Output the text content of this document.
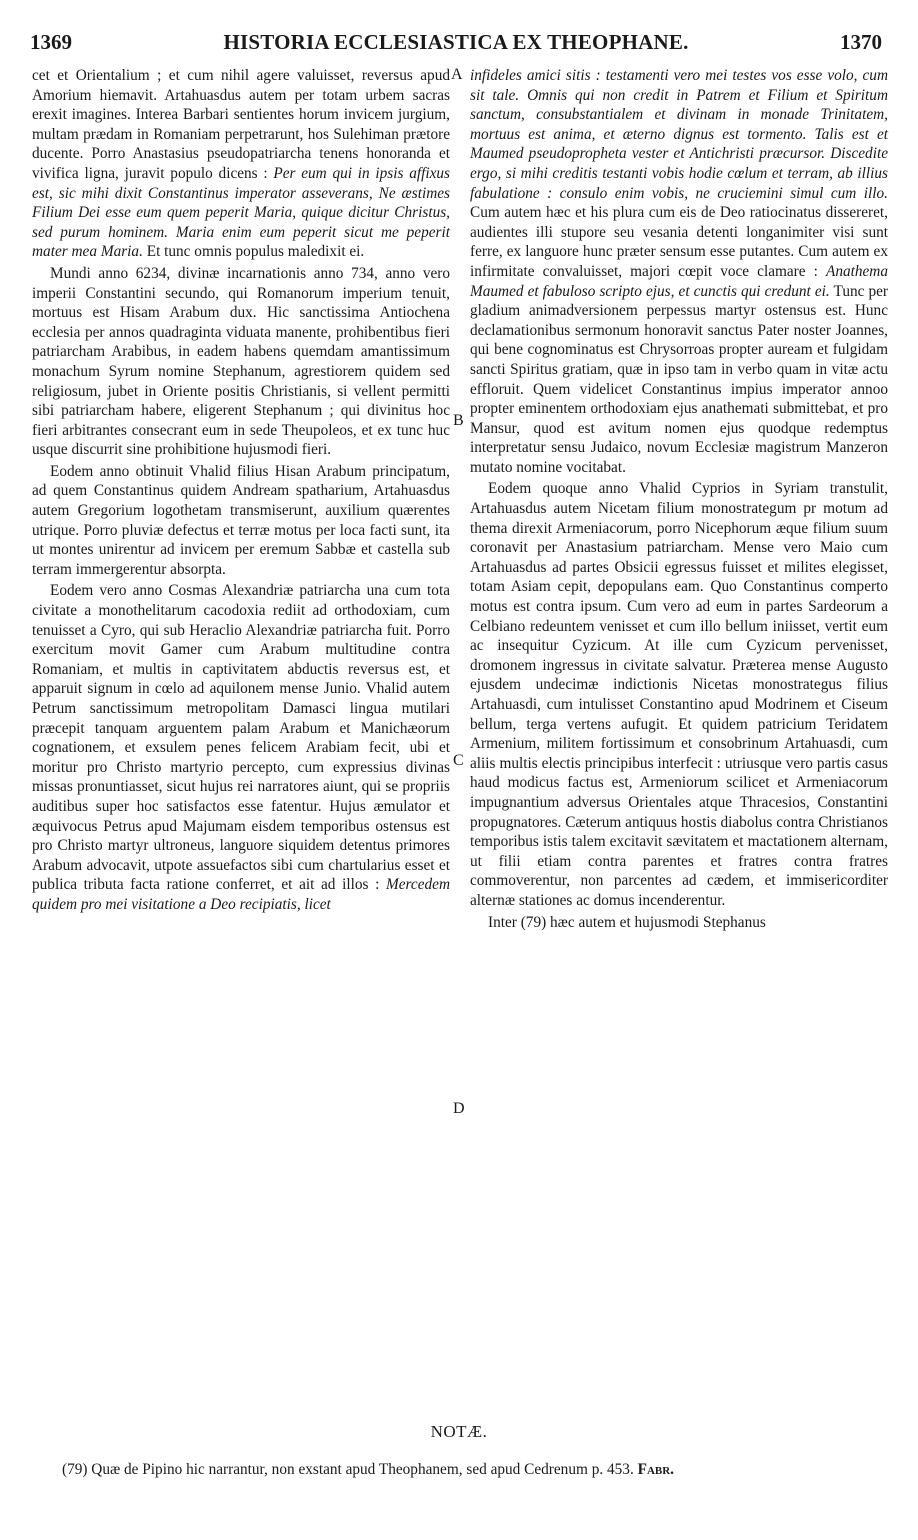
1369	HISTORIA ECCLESIASTICA EX THEOPHANE.	1370

cet et Orientalium ; et cum nihil agere valuisset, reversus apud Amorium hiemavit. Artahuasdus autem per totam urbem sacras erexit imagines. Interea Barbari sentientes horum invicem jurgium, multam prædam in Romaniam perpetrarunt, hos Sulehiman prætore ducente. Porro Anastasius pseudopatriarcha tenens honoranda et vivifica ligna, juravit populo dicens : Per eum qui in ipsis affixus est, sic mihi dixit Constantinus imperator asseverans, Ne æstimes Filium Dei esse eum quem peperit Maria, quique dicitur Christus, sed purum hominem. Maria enim eum peperit sicut me peperit mater mea Maria. Et tunc omnis populus maledixit ei.

Mundi anno 6234, divinæ incarnationis anno 734, anno vero imperii Constantini secundo, qui Romanorum imperium tenuit, mortuus est Hisam Arabum dux. Hic sanctissima Antiochena ecclesia per annos quadraginta viduata manente, prohibentibus fieri patriarcham Arabibus, in eadem habens quemdam amantissimum monachum Syrum nomine Stephanum, agrestiorem quidem sed religiosum, jubet in Oriente positis Christianis, si vellent permitti sibi patriarcham habere, eligerent Stephanum ; qui divinitus hoc fieri arbitrantes consecrant eum in sede Theupoleos, et ex tunc huc usque discurrit sine prohibitione hujusmodi fieri.

Eodem anno obtinuit Vhalid filius Hisan Arabum principatum, ad quem Constantinus quidem Andream spatharium, Artahuasdus autem Gregorium logothetam transmiserunt, auxilium quærentes utrique. Porro pluviæ defectus et terræ motus per loca facti sunt, ita ut montes unirentur ad invicem per eremum Sabbæ et castella sub terram immergerentur absorpta.

Eodem vero anno Cosmas Alexandriæ patriarcha una cum tota civitate a monothelitarum cacodoxia rediit ad orthodoxiam, cum tenuisset a Cyro, qui sub Heraclio Alexandriæ patriarcha fuit. Porro exercitum movit Gamer cum Arabum multitudine contra Romaniam, et multis in captivitatem abductis reversus est, et apparuit signum in cœlo ad aquilonem mense Junio. Vhalid autem Petrum sanctissimum metropolitam Damasci lingua mutilari præcepit tanquam arguentem palam Arabum et Manichæorum cognationem, et exsulem penes felicem Arabiam fecit, ubi et moritur pro Christo martyrio percepto, cum expressius divinas missas pronuntiasset, sicut hujus rei narratores aiunt, qui se propriis auditibus super hoc satisfactos esse fatentur. Hujus æmulator et æquivocus Petrus apud Majumam eisdem temporibus ostensus est pro Christo martyr ultroneus, languore siquidem detentus primores Arabum advocavit, utpote assuefactos sibi cum chartularius esset et publica tributa facta ratione conferret, et ait ad illos : Mercedem quidem pro mei visitatione a Deo recipiatis, licet

A
B
C
D

infideles amici sitis : testamenti vero mei testes vos esse volo, cum sit tale. Omnis qui non credit in Patrem et Filium et Spiritum sanctum, consubstantialem et divinam in monade Trinitatem, mortuus est anima, et æterno dignus est tormento. Talis est et Maumed pseudopropheta vester et Antichristi præcursor. Discedite ergo, si mihi creditis testanti vobis hodie cœlum et terram, ab illius fabulatione : consulo enim vobis, ne cruciemini simul cum illo. Cum autem hæc et his plura cum eis de Deo ratiocinatus dissereret, audientes illi stupore seu vesania detenti longanimiter visi sunt ferre, ex languore hunc præter sensum esse putantes. Cum autem ex infirmitate convaluisset, majori cœpit voce clamare : Anathema Maumed et fabuloso scripto ejus, et cunctis qui credunt ei. Tunc per gladium animadversionem perpessus martyr ostensus est. Hunc declamationibus sermonum honoravit sanctus Pater noster Joannes, qui bene cognominatus est Chrysorroas propter auream et fulgidam sancti Spiritus gratiam, quæ in ipso tam in verbo quam in vitæ actu effloruit. Quem videlicet Constantinus impius imperator annoo propter eminentem orthodoxiam ejus anathemati submittebat, et pro Mansur, quod est avitum nomen ejus quodque redemptus interpretatur sensu Judaico, novum Ecclesiæ magistrum Manzeron mutato nomine vocitabat.

Eodem quoque anno Vhalid Cyprios in Syriam transtulit, Artahuasdus autem Nicetam filium monostrategum pr motum ad thema direxit Armeniacorum, porro Nicephorum æque filium suum coronavit per Anastasium patriarcham. Mense vero Maio cum Artahuasdus ad partes Obsicii egressus fuisset et milites elegisset, totam Asiam cepit, depopulans eam. Quo Constantinus comperto motus est contra ipsum. Cum vero ad eum in partes Sardeorum a Celbiano redeuntem venisset et cum illo bellum iniisset, vertit eum ac insequitur Cyzicum. At ille cum Cyzicum pervenisset, dromonem ingressus in civitate salvatur. Præterea mense Augusto ejusdem undecimæ indictionis Nicetas monostrategus filius Artahuasdi, cum intulisset Constantino apud Modrinem et Ciseum bellum, terga vertens aufugit. Et quidem patricium Teridatem Armenium, militem fortissimum et consobrinum Artahuasdi, cum aliis multis electis principibus interfecit : utriusque vero partis casus haud modicus factus est, Armeniorum scilicet et Armeniacorum impugnantium adversus Orientales atque Thracesios, Constantini propugnatores. Cæterum antiquus hostis diabolus contra Christianos temporibus istis talem excitavit sævitatem et mactationem alternam, ut filii etiam contra parentes et fratres contra fratres commoverentur, non parcentes ad cædem, et immisericorditer alternæ stationes ac domus incenderentur.

Inter (79) hæc autem et hujusmodi Stephanus

NOTÆ.
(79) Quæ de Pipino hic narrantur, non exstant apud Theophanem, sed apud Cedrenum p. 453. Fabr.
